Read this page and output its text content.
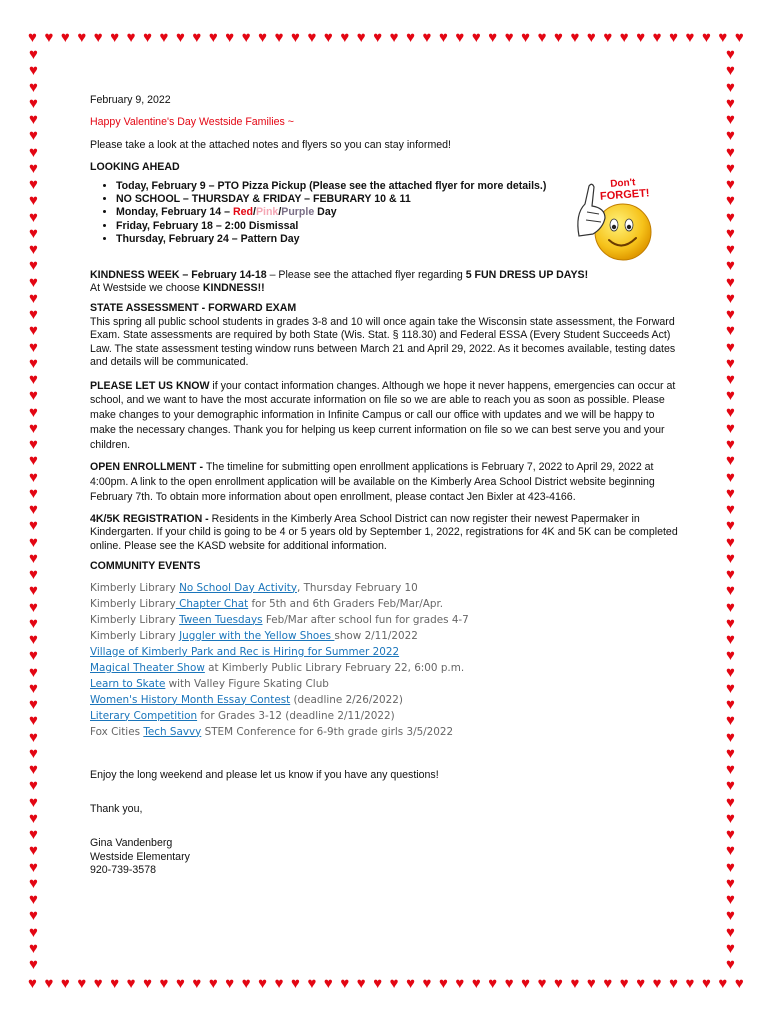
♥ ♥ ♥ ♥ ♥ ♥ ♥ ♥ ♥ ♥ ♥ ♥ ♥ ♥ ♥ ♥ ♥ ♥ ♥ ♥ ♥ ♥ ♥ ♥ ♥ ♥ ♥ ♥ ♥ ♥ ♥ ♥ ♥ ♥ ♥ ♥ ♥ ♥ ♥ ♥ ♥ ♥ ♥ ♥
♥ ♥ ♥ ♥ ♥ ♥ ♥ ♥ ♥ ♥ ♥ ♥ ♥ ♥ ♥ ♥ ♥ ♥ ♥ ♥ ♥ ♥ ♥ ♥ ♥ ♥ ♥ ♥ ♥ ♥ ♥ ♥ ♥ ♥ ♥ ♥ ♥ ♥ ♥ ♥ ♥ ♥ ♥ ♥
♥
♥
♥
♥
♥
♥
♥
♥
♥
♥
♥
♥
♥
♥
♥
♥
♥
♥
♥
♥
♥
♥
♥
♥
♥
♥
♥
♥
♥
♥
♥
♥
♥
♥
♥
♥
♥
♥
♥
♥
♥
♥
♥
♥
♥
♥
♥
♥
♥
♥
♥
♥
♥
♥
♥
♥
♥
♥
♥
♥
♥
♥
♥
♥
♥
♥
♥
♥
♥
♥
♥
♥
♥
♥
♥
♥
♥
♥
♥
♥
♥
♥
♥
♥
♥
♥
♥
♥
♥
♥
♥
♥
♥
♥
♥
♥
♥
♥
♥
♥
♥
♥
♥
♥
♥
♥
♥
♥
♥
♥
♥
♥
♥
♥
Don't
FORGET!

February 9, 2022

Happy Valentine's Day Westside Families ~

Please take a look at the attached notes and flyers so you can stay informed!

LOOKING AHEAD

• Today, February 9 – PTO Pizza Pickup (Please see the attached flyer for more details.)
• NO SCHOOL – THURSDAY & FRIDAY – FEBURARY 10 & 11
• Monday, February 14 – Red/Pink/Purple Day
• Friday, February 18 – 2:00 Dismissal
• Thursday, February 24 – Pattern Day

KINDNESS WEEK – February 14-18 – Please see the attached flyer regarding 5 FUN DRESS UP DAYS!

At Westside we choose KINDNESS!!

STATE ASSESSMENT - FORWARD EXAM

This spring all public school students in grades 3-8 and 10 will once again take the Wisconsin state assessment, the Forward Exam. State assessments are required by both State (Wis. Stat. § 118.30) and Federal ESSA (Every Student Succeeds Act) Law. The state assessment testing window runs between March 21 and April 29, 2022. As it becomes available, testing dates and details will be communicated.

PLEASE LET US KNOW if your contact information changes. Although we hope it never happens, emergencies can occur at school, and we want to have the most accurate information on file so we are able to reach you as soon as possible. Please make changes to your demographic information in Infinite Campus or call our office with updates and we will be happy to make the necessary changes. Thank you for helping us keep current information on file so we can best serve you and your children.

OPEN ENROLLMENT - The timeline for submitting open enrollment applications is February 7, 2022 to April 29, 2022 at 4:00pm. A link to the open enrollment application will be available on the Kimberly Area School District website beginning February 7th. To obtain more information about open enrollment, please contact Jen Bixler at 423-4166.

4K/5K REGISTRATION - Residents in the Kimberly Area School District can now register their newest Papermaker in Kindergarten. If your child is going to be 4 or 5 years old by September 1, 2022, registrations for 4K and 5K can be completed online. Please see the KASD website for additional information.

COMMUNITY EVENTS

Kimberly Library No School Day Activity, Thursday February 10
Kimberly Library Chapter Chat for 5th and 6th Graders Feb/Mar/Apr.
Kimberly Library Tween Tuesdays Feb/Mar after school fun for grades 4-7
Kimberly Library Juggler with the Yellow Shoes show 2/11/2022
Village of Kimberly Park and Rec is Hiring for Summer 2022
Magical Theater Show at Kimberly Public Library February 22, 6:00 p.m.
Learn to Skate with Valley Figure Skating Club
Women's History Month Essay Contest (deadline 2/26/2022)
Literary Competition for Grades 3-12 (deadline 2/11/2022)
Fox Cities Tech Savvy STEM Conference for 6-9th grade girls 3/5/2022

Enjoy the long weekend and please let us know if you have any questions!

Thank you,

Gina Vandenberg

Westside Elementary

920-739-3578
